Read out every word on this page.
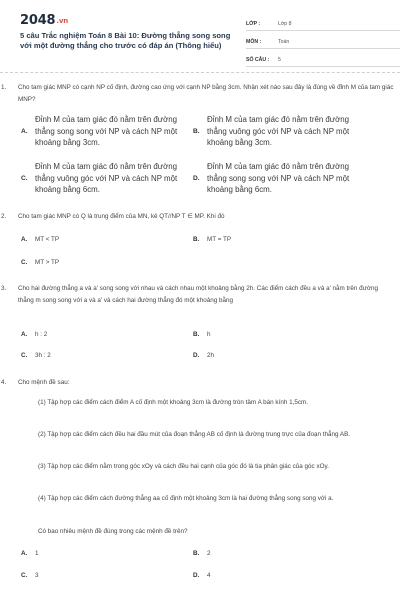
2048.vn
5 câu Trắc nghiệm Toán 8 Bài 10: Đường thẳng song song với một đường thẳng cho trước có đáp án (Thông hiểu)
LỚP :	Lớp 8
MÔN :	Toán
SỐ CÂU :	5
1. Cho tam giác MNP có cạnh NP cố định, đường cao ứng với cạnh NP bằng 3cm. Nhận xét nào sau đây là đúng về đỉnh M của tam giác MNP?
A.
Đỉnh M của tam giác đó nằm trên đường thẳng song song với NP và cách NP một khoảng bằng 3cm.
B.
Đỉnh M của tam giác đó nằm trên đường thẳng vuông góc với NP và cách NP một khoảng bằng 3cm.
C.
Đỉnh M của tam giác đó nằm trên đường thẳng vuông góc với NP và cách NP một khoảng bằng 6cm.
D.
Đỉnh M của tam giác đó nằm trên đường thẳng song song với NP và cách NP một khoảng bằng 6cm.
2. Cho tam giác MNP có Q là trung điểm của MN, kẻ QT//NP T ∈ MP. Khi đó
A.	MT < TP	B.	MT = TP
C.	MT > TP
3. Cho hai đường thẳng a và a' song song với nhau và cách nhau một khoảng bằng 2h. Các điểm cách đều a và a' nằm trên đường thẳng m song song với a và a' và cách hai đường thẳng đó một khoảng bằng
A.	h : 2	B.	h
C.	3h : 2	D.	2h
4. Cho mệnh đề sau:
(1) Tập hợp các điểm cách điểm A cố định một khoảng 3cm là đường tròn tâm A bán kính 1,5cm.
(2) Tập hợp các điểm cách đều hai đầu mút của đoạn thẳng AB cố định là đường trung trực của đoạn thẳng AB.
(3) Tập hợp các điểm nằm trong góc xOy và cách đều hai cạnh của góc đó là tia phân giác của góc xOy.
(4) Tập hợp các điểm cách đường thẳng aa cố định một khoảng 3cm là hai đường thẳng song song với a.
Có bao nhiêu mệnh đề đúng trong các mệnh đề trên?
A.	1	B.	2
C.	3	D.	4
